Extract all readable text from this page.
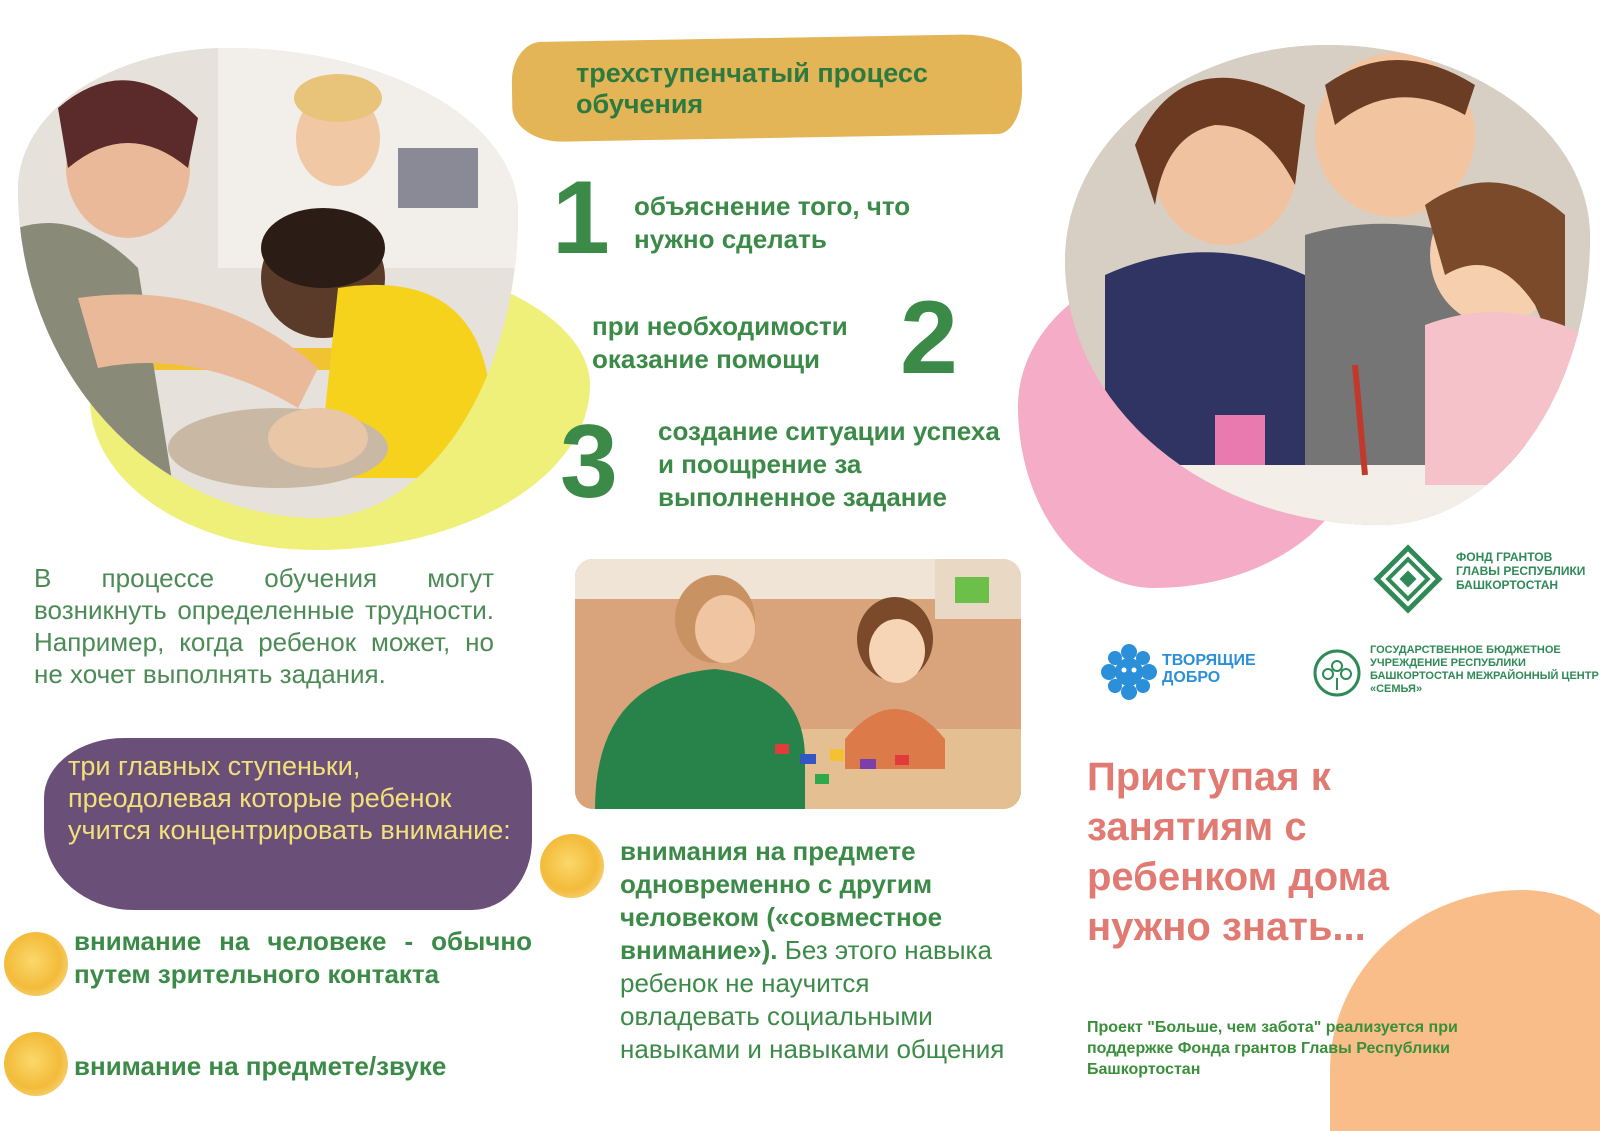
трехступенчатый процесс обучения
1 объяснение того, что нужно сделать
при необходимости оказание помощи 2
3 создание ситуации успеха и поощрение за выполненное задание
В процессе обучения могут возникнуть определенные трудности. Например, когда ребенок может, но не хочет выполнять задания.
три главных ступеньки, преодолевая которые ребенок учится концентрировать внимание:
внимание на человеке - обычно путем зрительного контакта
внимание на предмете/звуке
внимания на предмете одновременно с другим человеком («совместное внимание»). Без этого навыка ребенок не научится овладевать социальными навыками и навыками общения
ФОНД ГРАНТОВ ГЛАВЫ РЕСПУБЛИКИ БАШКОРТОСТАН
ТВОРЯЩИЕ ДОБРО
ГОСУДАРСТВЕННОЕ БЮДЖЕТНОЕ УЧРЕЖДЕНИЕ РЕСПУБЛИКИ БАШКОРТОСТАН МЕЖРАЙОННЫЙ ЦЕНТР «СЕМЬЯ»
Приступая к занятиям с ребенком дома нужно знать...
Проект "Больше, чем забота" реализуется при поддержке Фонда грантов Главы Республики Башкортостан
